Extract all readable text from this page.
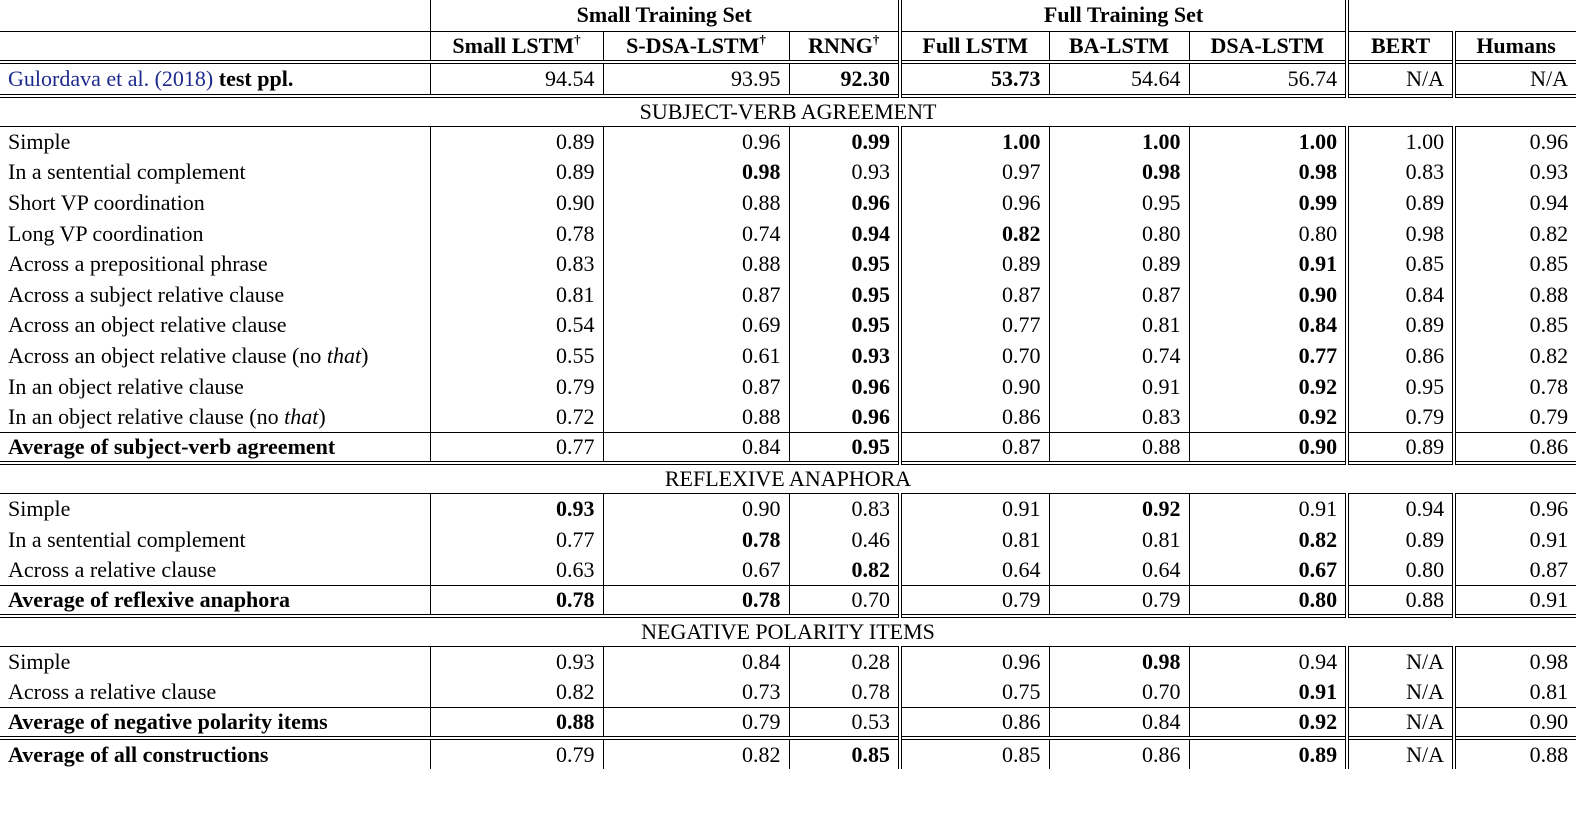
	Small Training Set			Full Training Set				
	Small LSTM†	S-DSA-LSTM†	RNNG†	Full LSTM	BA-LSTM	DSA-LSTM	BERT	Humans
Gulordava et al. (2018) test ppl.	94.54	93.95	92.30	53.73	54.64	56.74	N/A	N/A
SUBJECT-VERB AGREEMENT								
Simple	0.89	0.96	0.99	1.00	1.00	1.00	1.00	0.96
In a sentential complement	0.89	0.98	0.93	0.97	0.98	0.98	0.83	0.93
Short VP coordination	0.90	0.88	0.96	0.96	0.95	0.99	0.89	0.94
Long VP coordination	0.78	0.74	0.94	0.82	0.80	0.80	0.98	0.82
Across a prepositional phrase	0.83	0.88	0.95	0.89	0.89	0.91	0.85	0.85
Across a subject relative clause	0.81	0.87	0.95	0.87	0.87	0.90	0.84	0.88
Across an object relative clause	0.54	0.69	0.95	0.77	0.81	0.84	0.89	0.85
Across an object relative clause (no that)	0.55	0.61	0.93	0.70	0.74	0.77	0.86	0.82
In an object relative clause	0.79	0.87	0.96	0.90	0.91	0.92	0.95	0.78
In an object relative clause (no that)	0.72	0.88	0.96	0.86	0.83	0.92	0.79	0.79
Average of subject-verb agreement	0.77	0.84	0.95	0.87	0.88	0.90	0.89	0.86
REFLEXIVE ANAPHORA								
Simple	0.93	0.90	0.83	0.91	0.92	0.91	0.94	0.96
In a sentential complement	0.77	0.78	0.46	0.81	0.81	0.82	0.89	0.91
Across a relative clause	0.63	0.67	0.82	0.64	0.64	0.67	0.80	0.87
Average of reflexive anaphora	0.78	0.78	0.70	0.79	0.79	0.80	0.88	0.91
NEGATIVE POLARITY ITEMS								
Simple	0.93	0.84	0.28	0.96	0.98	0.94	N/A	0.98
Across a relative clause	0.82	0.73	0.78	0.75	0.70	0.91	N/A	0.81
Average of negative polarity items	0.88	0.79	0.53	0.86	0.84	0.92	N/A	0.90
Average of all constructions	0.79	0.82	0.85	0.85	0.86	0.89	N/A	0.88
